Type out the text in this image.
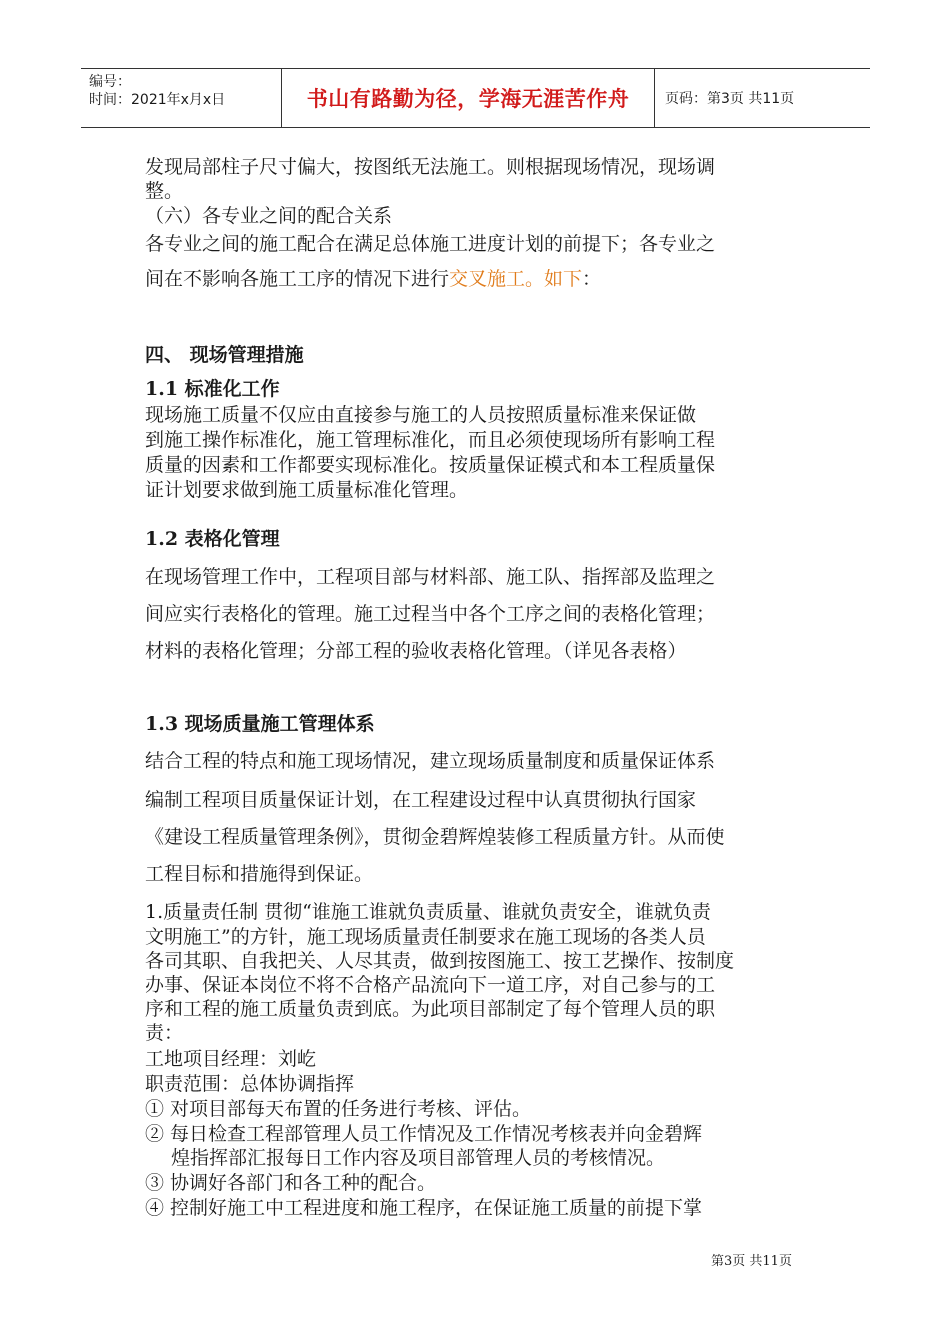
编号：
时间：2021年x月x日	书山有路勤为径，学海无涯苦作舟	页码：第3页 共11页
发现局部柱子尺寸偏大，按图纸无法施工。则根据现场情况，现场调
整。
（六）各专业之间的配合关系
各专业之间的施工配合在满足总体施工进度计划的前提下；各专业之
间在不影响各施工工序的情况下进行交叉施工。如下：
四、 现场管理措施
1.1 标准化工作
现场施工质量不仅应由直接参与施工的人员按照质量标准来保证做
到施工操作标准化，施工管理标准化，而且必须使现场所有影响工程
质量的因素和工作都要实现标准化。按质量保证模式和本工程质量保
证计划要求做到施工质量标准化管理。
1.2 表格化管理
在现场管理工作中，工程项目部与材料部、施工队、指挥部及监理之
间应实行表格化的管理。施工过程当中各个工序之间的表格化管理；
材料的表格化管理；分部工程的验收表格化管理。（详见各表格）
1.3 现场质量施工管理体系
结合工程的特点和施工现场情况，建立现场质量制度和质量保证体系
编制工程项目质量保证计划，在工程建设过程中认真贯彻执行国家
《建设工程质量管理条例》，贯彻金碧辉煌装修工程质量方针。从而使
工程目标和措施得到保证。
1.质量责任制 贯彻“谁施工谁就负责质量、谁就负责安全，谁就负责
文明施工”的方针，施工现场质量责任制要求在施工现场的各类人员
各司其职、自我把关、人尽其责，做到按图施工、按工艺操作、按制度
办事、保证本岗位不将不合格产品流向下一道工序，对自己参与的工
序和工程的施工质量负责到底。为此项目部制定了每个管理人员的职
责：
工地项目经理：刘屹
职责范围：总体协调指挥
① 对项目部每天布置的任务进行考核、评估。
② 每日检查工程部管理人员工作情况及工作情况考核表并向金碧辉
煌指挥部汇报每日工作内容及项目部管理人员的考核情况。
③ 协调好各部门和各工种的配合。
④ 控制好施工中工程进度和施工程序，在保证施工质量的前提下掌
第3页 共11页
